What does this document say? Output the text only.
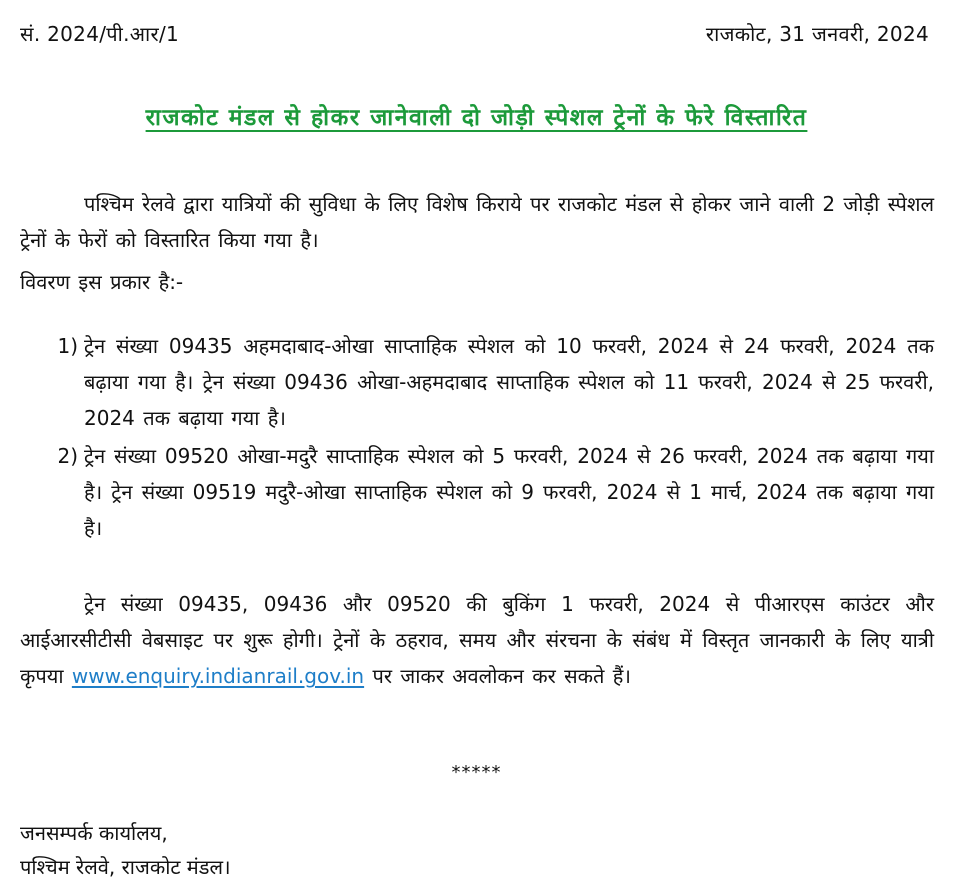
सं. 2024/पी.आर/1	राजकोट, 31 जनवरी, 2024
राजकोट मंडल से होकर जानेवाली दो जोड़ी स्पेशल ट्रेनों के फेरे विस्तारित
पश्चिम रेलवे द्वारा यात्रियों की सुविधा के लिए विशेष किराये पर राजकोट मंडल से होकर जाने वाली 2 जोड़ी स्पेशल ट्रेनों के फेरों को विस्तारित किया गया है।
विवरण इस प्रकार है:-
1) ट्रेन संख्या 09435 अहमदाबाद-ओखा साप्ताहिक स्पेशल को 10 फरवरी, 2024 से 24 फरवरी, 2024 तक बढ़ाया गया है। ट्रेन संख्या 09436 ओखा-अहमदाबाद साप्ताहिक स्पेशल को 11 फरवरी, 2024 से 25 फरवरी, 2024 तक बढ़ाया गया है।
2) ट्रेन संख्या 09520 ओखा-मदुरै साप्ताहिक स्पेशल को 5 फरवरी, 2024 से 26 फरवरी, 2024 तक बढ़ाया गया है। ट्रेन संख्या 09519 मदुरै-ओखा साप्ताहिक स्पेशल को 9 फरवरी, 2024 से 1 मार्च, 2024 तक बढ़ाया गया है।
ट्रेन संख्या 09435, 09436 और 09520 की बुकिंग 1 फरवरी, 2024 से पीआरएस काउंटर और आईआरसीटीसी वेबसाइट पर शुरू होगी। ट्रेनों के ठहराव, समय और संरचना के संबंध में विस्तृत जानकारी के लिए यात्री कृपया www.enquiry.indianrail.gov.in पर जाकर अवलोकन कर सकते हैं।
*****
जनसम्पर्क कार्यालय,
पश्चिम रेलवे, राजकोट मंडल।
